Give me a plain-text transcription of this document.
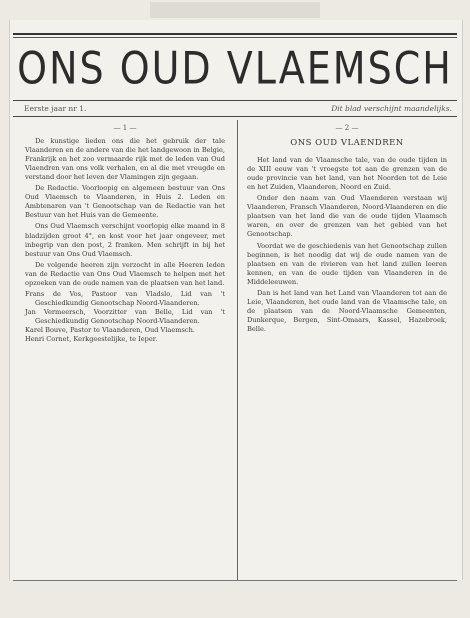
ONS OUD VLAEMSCH
Eerste jaar nr 1.	Dit blad verschijnt maandelijks.
— 1 —

De kunstige lieden ons die het gebruik der tale Vlaanderen en de andere van die het landgewoon in Belgie, Frankrijk en het zoo vermaarde rijk met de leden van Oud Vlaendren van ons volk verhalen, en al die met vreugde en verstand door het leven der Vlamingen zijn gegaan.

De Redactie. Voorloopig en algemeen bestuur van Ons Oud Vlaemsch te Vlaanderen, in Huis 2. Leden en Ambtenaren van 't Genootschap van de Redactie van het Bestuur van het Huis van de Gemeente.

Ons Oud Vlaemsch verschijnt voorlopig elke maand in 8 bladzijden groot 4°, en kost voor het jaar ongeveer, met inbegrip van den post, 2 franken. Men schrijft in bij het bestuur van Ons Oud Vlaemsch.

De volgende heeren zijn verzocht in alle Heeren leden van de Redactie van Ons Oud Vlaemsch te helpen met het opzoeken van de oude namen van de plaatsen van het land.

Frans de Vos, Pastoor van Vladslo, Lid van 't Geschiedkundig Genootschap Noord-Vlaanderen.

Jan Vermeersch, Voorzitter van Belle, Lid van 't Geschiedkundig Genootschap Noord-Vlaanderen.

Karel Bouve, Pastor te Vlaanderen, Oud Vlaemsch.

Henri Cornet, Kerkgeestelijke, te Ieper.

— 2 —
ONS OUD VLAENDREN

Het land van de Vlaamsche tale, van de oude tijden in de XIII eeuw van 't vroegste tot aan de grenzen van de oude provincie van het land, van het Noorden tot de Leie en het Zuiden, Vlaanderen, Noord en Zuid.

Onder den naam van Oud Vlaenderen verstaan wij Vlaanderen, Fransch Vlaanderen, Noord-Vlaanderen en die plaatsen van het land die van de oude tijden Vlaamsch waren, en over de grenzen van het gebied van het Genootschap.

Voordat we de geschiedenis van het Genootschap zullen beginnen, is het noodig dat wij de oude namen van de plaatsen en van de rivieren van het land zullen leeren kennen, en van de oude tijden van Vlaanderen in de Middeleeuwen.

Dan is het land van het Land van Vlaanderen tot aan de Leie, Vlaanderen, het oude land van de Vlaamsche tale, en de plaatsen van de Noord-Vlaamsche Gemeenten, Dunkerque, Bergen, Sint-Omaars, Kassel, Hazebroek, Belle.
